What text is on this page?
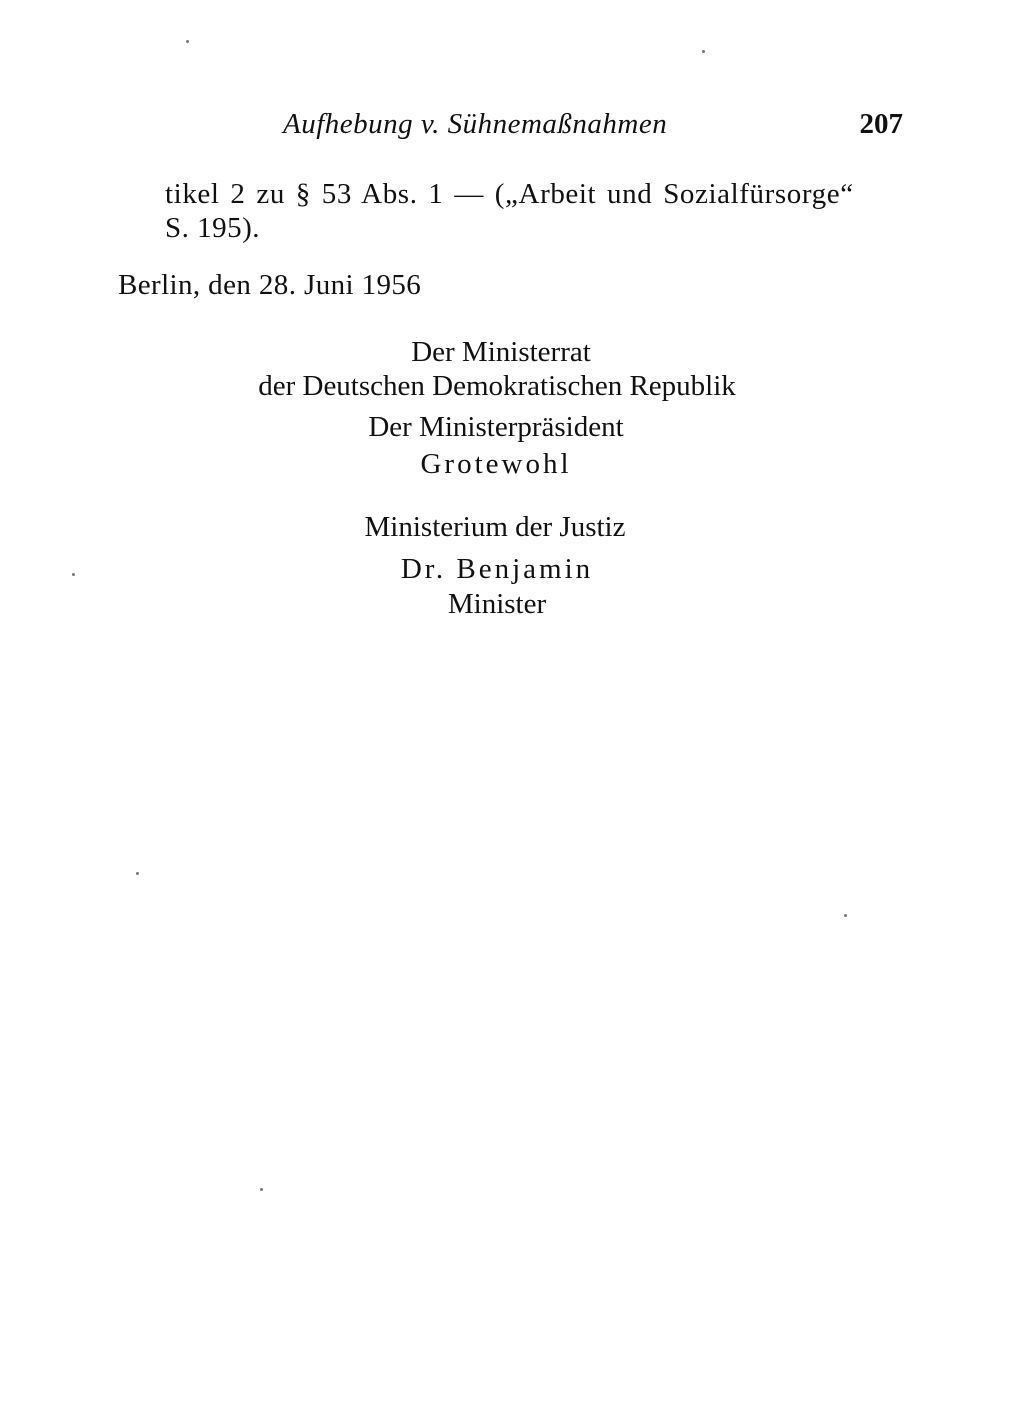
Aufhebung v. Sühnemaßnahmen	207
tikel 2 zu § 53 Abs. 1 — („Arbeit und Sozialfürsorge“
S. 195).
Berlin, den 28. Juni 1956
Der Ministerrat
der Deutschen Demokratischen Republik
Der Ministerpräsident
Grotewohl
Ministerium der Justiz
Dr. Benjamin
Minister
